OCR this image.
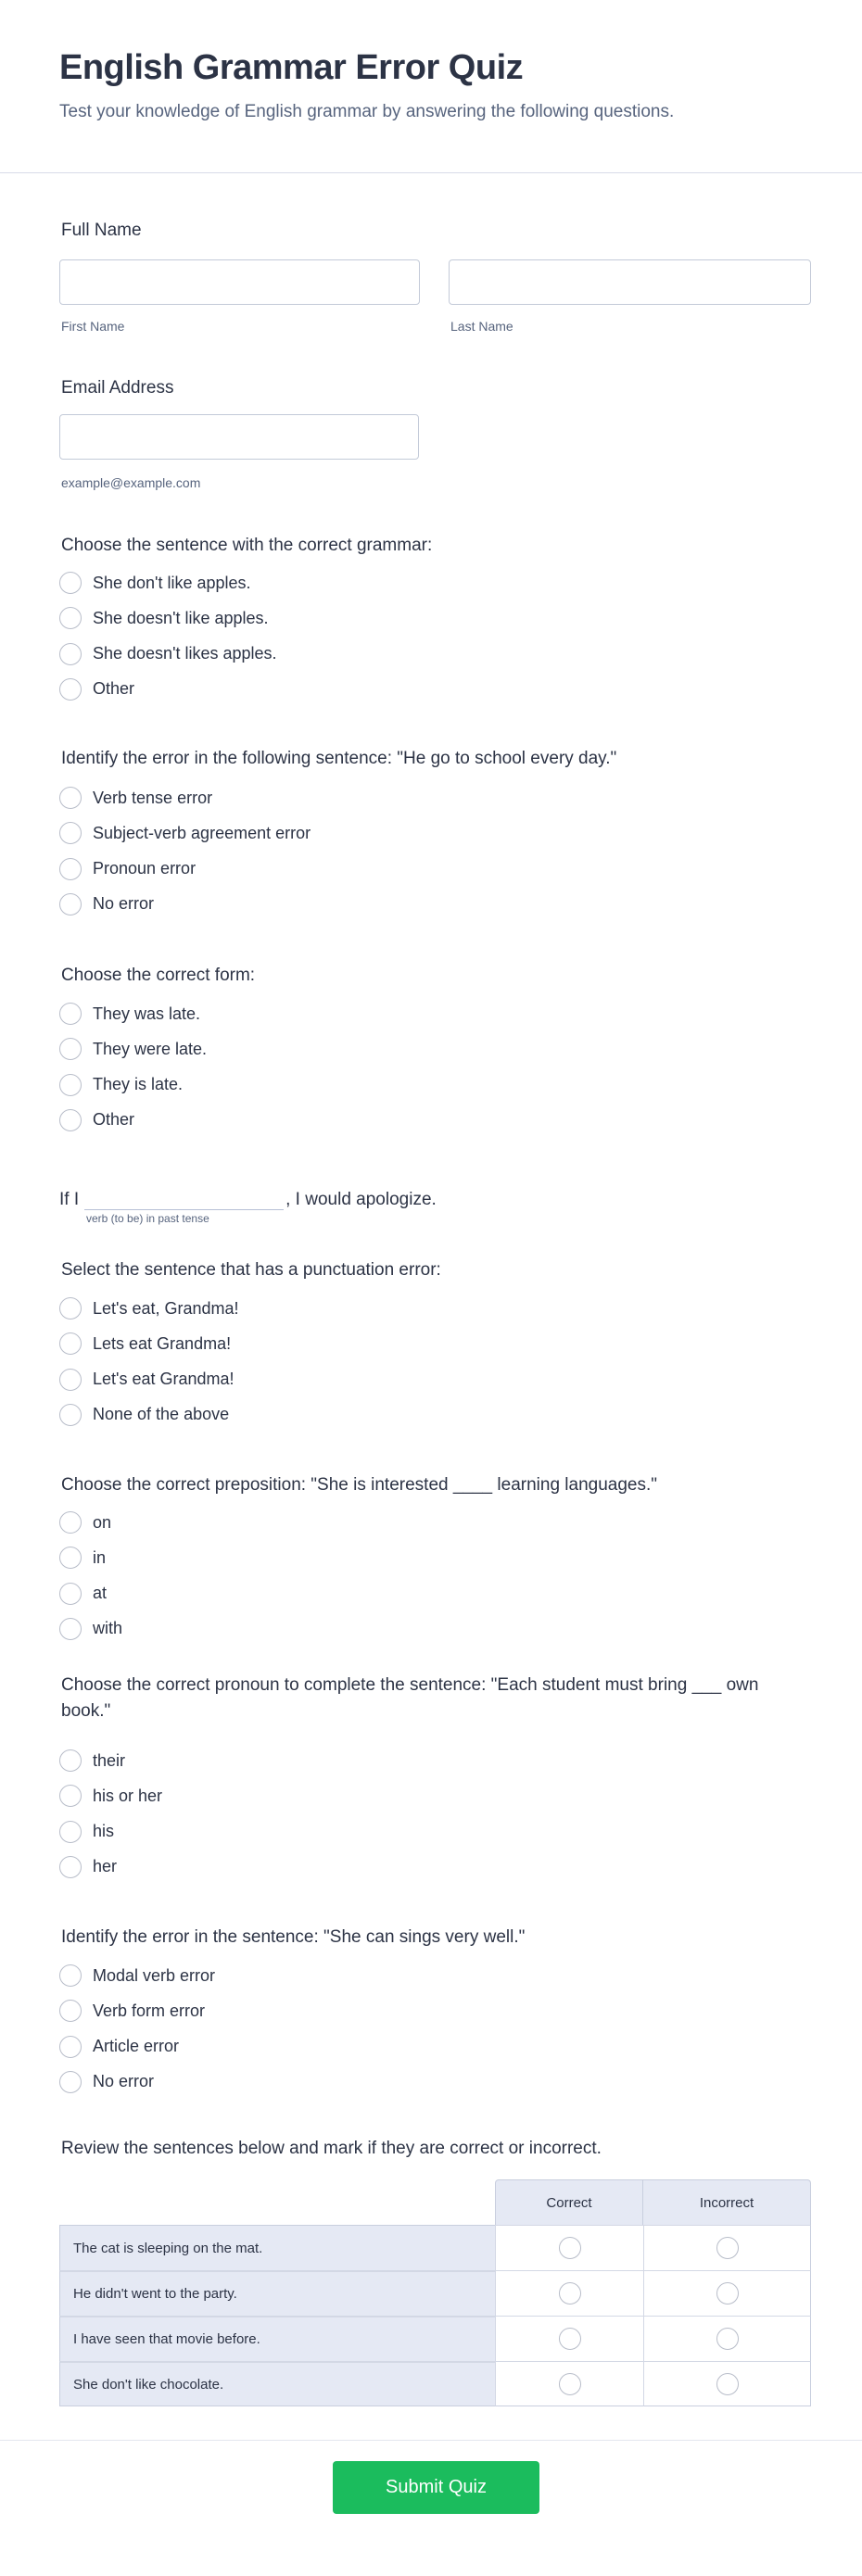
English Grammar Error Quiz

Test your knowledge of English grammar by answering the following questions.

Full Name
First Name	Last Name
Email Address
example@example.com
Choose the sentence with the correct grammar:
She don't like apples.
She doesn't like apples.
She doesn't likes apples.
Other
Identify the error in the following sentence: "He go to school every day."
Verb tense error
Subject-verb agreement error
Pronoun error
No error
Choose the correct form:
They was late.
They were late.
They is late.
Other
Select the sentence that has a punctuation error:
Let's eat, Grandma!
Lets eat Grandma!
Let's eat Grandma!
None of the above
Choose the correct preposition: "She is interested ____ learning languages."
on
in
at
with
Choose the correct pronoun to complete the sentence: "Each student must bring ___ own book."
their
his or her
his
her
Identify the error in the sentence: "She can sings very well."
Modal verb error
Verb form error
Article error
No error
If I	, I would apologize.
verb (to be) in past tense
Review the sentences below and mark if they are correct or incorrect.
	Correct	Incorrect
The cat is sleeping on the mat.		
He didn't went to the party.		
I have seen that movie before.		
She don't like chocolate.		
Submit Quiz
